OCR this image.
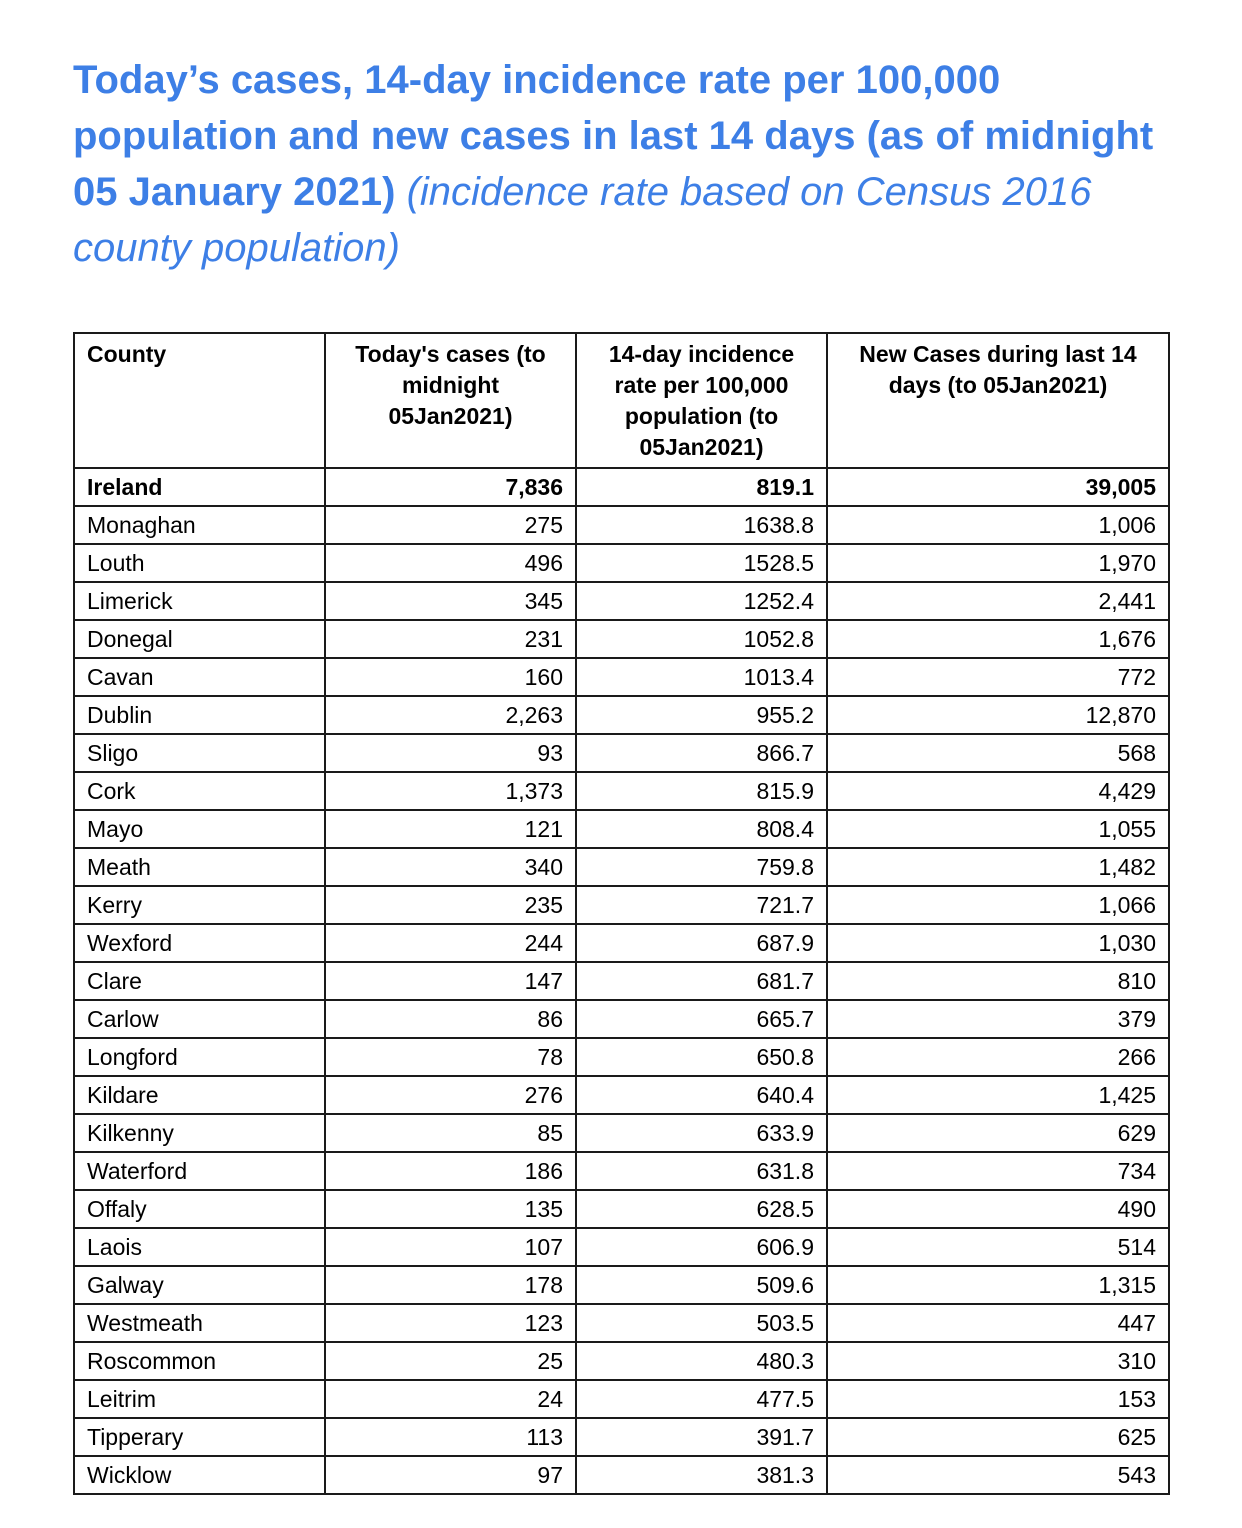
Today’s cases, 14-day incidence rate per 100,000 population and new cases in last 14 days (as of midnight 05 January 2021) (incidence rate based on Census 2016 county population)
County	Today's cases (to midnight 05Jan2021)	14-day incidence rate per 100,000 population (to 05Jan2021)	New Cases during last 14 days (to 05Jan2021)
Ireland	7,836	819.1	39,005
Monaghan	275	1638.8	1,006
Louth	496	1528.5	1,970
Limerick	345	1252.4	2,441
Donegal	231	1052.8	1,676
Cavan	160	1013.4	772
Dublin	2,263	955.2	12,870
Sligo	93	866.7	568
Cork	1,373	815.9	4,429
Mayo	121	808.4	1,055
Meath	340	759.8	1,482
Kerry	235	721.7	1,066
Wexford	244	687.9	1,030
Clare	147	681.7	810
Carlow	86	665.7	379
Longford	78	650.8	266
Kildare	276	640.4	1,425
Kilkenny	85	633.9	629
Waterford	186	631.8	734
Offaly	135	628.5	490
Laois	107	606.9	514
Galway	178	509.6	1,315
Westmeath	123	503.5	447
Roscommon	25	480.3	310
Leitrim	24	477.5	153
Tipperary	113	391.7	625
Wicklow	97	381.3	543
